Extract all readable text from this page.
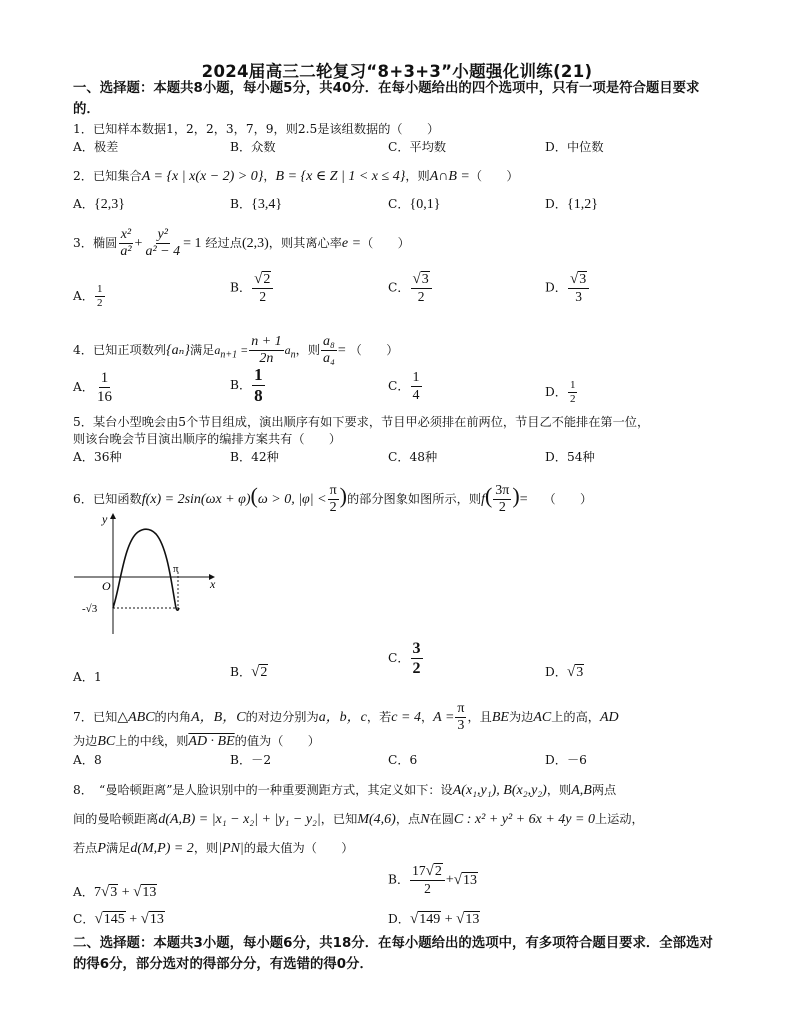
2024届高三二轮复习“8+3+3”小题强化训练(21)
一、选择题：本题共8小题，每小题5分，共40分．在每小题给出的四个选项中，只有一项是符合题目要求的．
1．已知样本数据1，2，2，3，7，9，则2.5是该组数据的（　　）
A．极差	B．众数	C．平均数	D．中位数
2．已知集合A = {x | x(x − 2) > 0}，B = {x ∈ Z | 1 < x ≤ 4}，则A∩B =（　　）
A．{2,3}	B．{3,4}	C．{0,1}	D．{1,2}
3．椭圆 $\frac{\text{x²}}{\text{a²}} + \frac{\text{y²}}{\text{a² − 4}} = 1$ 经过点(2,3)，则其离心率e =（　　）
A． $\frac{1}{2}$	B． $\frac{√2}{2}$	C． $\frac{√3}{2}$	D． $\frac{√3}{3}$
4．已知正项数列{aₙ}满足$a_{n+1} = \frac{n + 1}{2n} a_n$，则 $\frac{\text{a₈}}{\text{a₄}}$ = （　　）
A． $\frac{1}{16}$	B． $\frac{1}{8}$	C． $\frac{1}{4}$	D． $\frac{1}{2}$
5．某台小型晚会由5个节目组成，演出顺序有如下要求，节目甲必须排在前两位，节目乙不能排在第一位，
则该台晚会节目演出顺序的编排方案共有（　　）
A．36种	B．42种	C．48种	D．54种
6．已知函数f(x) = 2sin(ωx + φ)(ω > 0, $|\varphi| < \frac{\pi}{2}$ )的部分图象如图所示，则$f( \frac{3\pi}{2}$ )= （　　）
y
x
O
π
-√3
A．1	B．√2
C． $\frac{3}{2}$	D．√3
7．已知△ABC的内角A，B，C的对边分别为a，b，c，若c = 4，$A = \frac{\pi}{3}$ ，且BE为边AC上的高，AD
为边BC上的中线，则AD · BE的值为（　　）
A．8	B．－2	C．6	D．－6
8．　“曼哈顿距离”是人脸识别中的一种重要测距方式，其定义如下：设A(x₁,y₁), B(x₂,y₂)，则A,B两点
间的曼哈顿距离d(A,B) = |x₁ − x₂| + |y₁ − y₂|，已知M(4,6)，点N在圆C : x² + y² + 6x + 4y = 0上运动，
若点P满足d(M,P) = 2，则|PN|的最大值为（　　）
A．7√3 + √13
B． $\frac{17√2}{2} +√13$
C．√145 + √13	D．√149 + √13
二、选择题：本题共3小题，每小题6分，共18分．在每小题给出的选项中，有多项符合题目要求．全部选对的得6分，部分选对的得部分分，有选错的得0分．
